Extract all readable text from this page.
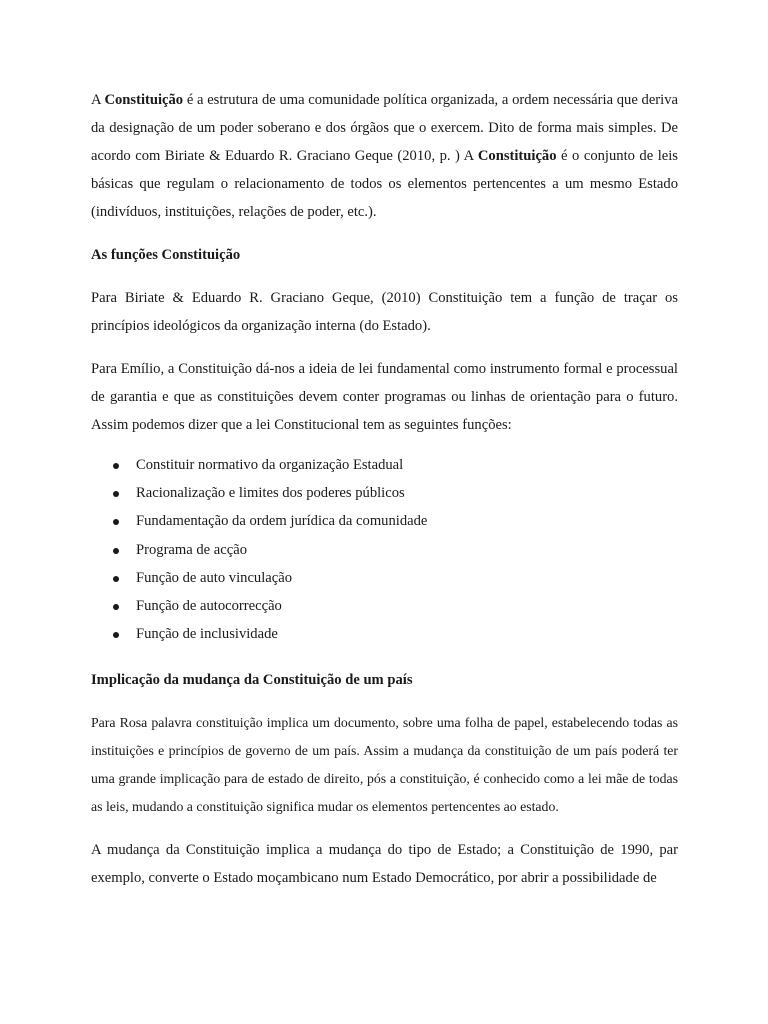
A Constituição é a estrutura de uma comunidade política organizada, a ordem necessária que deriva da designação de um poder soberano e dos órgãos que o exercem. Dito de forma mais simples. De acordo com Biriate & Eduardo R. Graciano Geque (2010, p. ) A Constituição é o conjunto de leis básicas que regulam o relacionamento de todos os elementos pertencentes a um mesmo Estado (indivíduos, instituições, relações de poder, etc.).

As funções Constituição

Para Biriate & Eduardo R. Graciano Geque, (2010) Constituição tem a função de traçar os princípios ideológicos da organização interna (do Estado).

Para Emílio, a Constituição dá-nos a ideia de lei fundamental como instrumento formal e processual de garantia e que as constituições devem conter programas ou linhas de orientação para o futuro. Assim podemos dizer que a lei Constitucional tem as seguintes funções:

Constituir normativo da organização Estadual
Racionalização e limites dos poderes públicos
Fundamentação da ordem jurídica da comunidade
Programa de acção
Função de auto vinculação
Função de autocorrecção
Função de inclusividade

Implicação da mudança da Constituição de um país

Para Rosa palavra constituição implica um documento, sobre uma folha de papel, estabelecendo todas as instituições e princípios de governo de um país. Assim a mudança da constituição de um país poderá ter uma grande implicação para de estado de direito, pós a constituição, é conhecido como a lei mãe de todas as leis, mudando a constituição significa mudar os elementos pertencentes ao estado.

A mudança da Constituição implica a mudança do tipo de Estado; a Constituição de 1990, par exemplo, converte o Estado moçambicano num Estado Democrático, por abrir a possibilidade de
